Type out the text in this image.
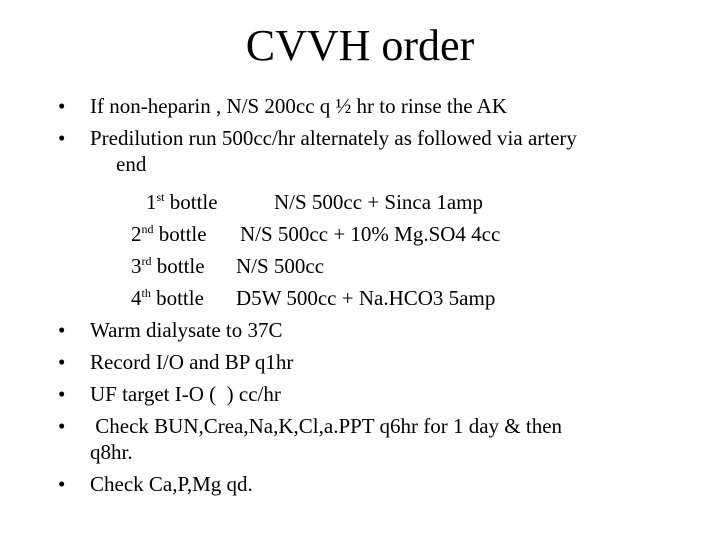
CVVH order
• If non-heparin , N/S 200cc q ½ hr to rinse the AK
• Predilution run 500cc/hr alternately as followed via artery
end
1st bottle	N/S 500cc + Sinca 1amp
2nd bottle N/S 500cc + 10% Mg.SO4 4cc
3rd bottle N/S 500cc
4th bottle D5W 500cc + Na.HCO3 5amp
• Warm dialysate to 37C
• Record I/O and BP q1hr
• UF target I-O (  ) cc/hr
• Check BUN,Crea,Na,K,Cl,a.PPT q6hr for 1 day & then
q8hr.
• Check Ca,P,Mg qd.
